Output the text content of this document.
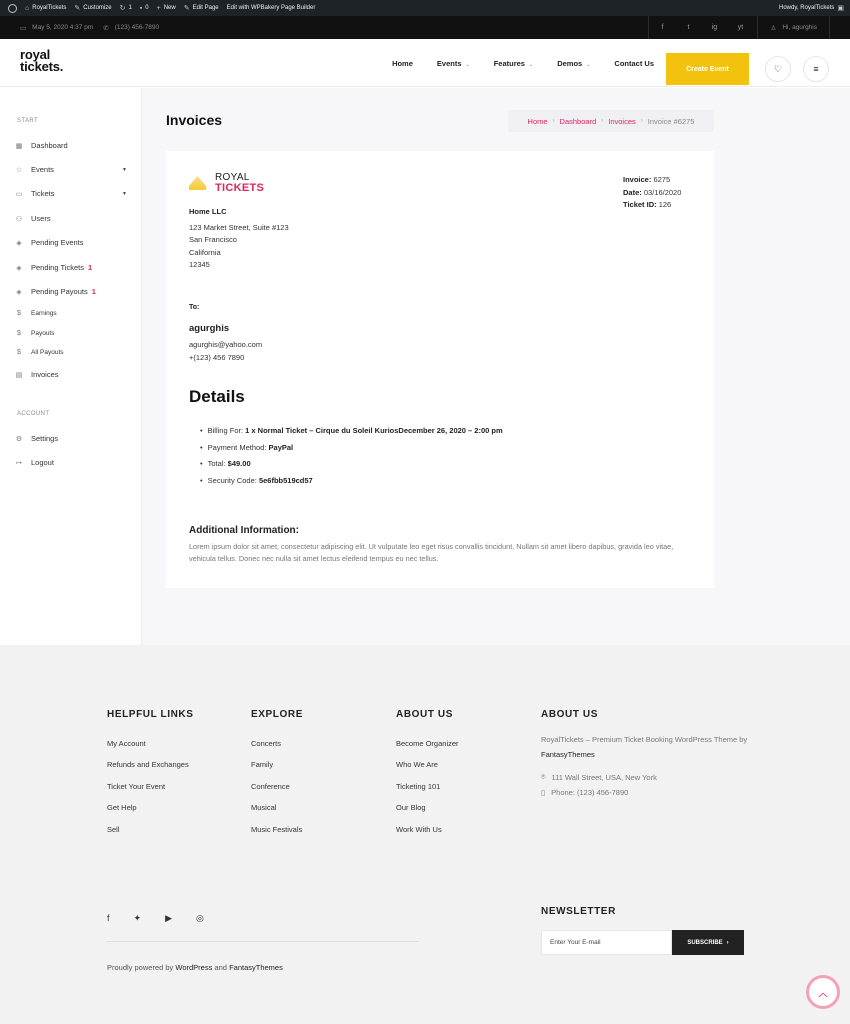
⌂ RoyalTickets ✎ Customize ↻ 1 ▪ 0 + New ✎ Edit Page Edit with WPBakery Page Builder	Howdy, RoyalTickets ▣
▭ May 5, 2020 4:37 pm ✆ (123) 456-7890	f	t	ig	yt	♙ Hi, agurghis
royal
tickets.	Home	Events ⌄	Features ⌄	Demos ⌄	Contact Us
Create Event	♡	≡
START
▦ Dashboard
☆ Events	▼
▭ Tickets	▼
⚇ Users
◈ Pending Events
◈ Pending Tickets 1
◈ Pending Payouts 1
$	Earnings
$	Payouts
$	All Payouts
▤ Invoices
ACCOUNT
⚙ Settings
↦ Logout
Invoices	Home › Dashboard › Invoices › Invoice #6275
ROYAL
TICKETS
Home LLC
123 Market Street, Suite #123
San Francisco
California
12345
Invoice: 6275
Date: 03/16/2020
Ticket ID: 126
To:
agurghis
agurghis@yahoo.com
+(123) 456 7890
Details
• Billing For: 1 x Normal Ticket – Cirque du Soleil KuriosDecember 26, 2020 – 2:00 pm
• Payment Method: PayPal
• Total: $49.00
• Security Code: 5e6fbb519cd57
Additional Information:

Lorem ipsum dolor sit amet, consectetur adipiscing elit. Ut vulputate leo eget risus convallis tincidunt. Nullam sit amet libero dapibus, gravida leo vitae, vehicula tellus. Donec nec nulla sit amet lectus eleifend tempus eu nec tellus.

HELPFUL LINKS
My Account
Refunds and Exchanges
Ticket Your Event
Get Help
Sell
EXPLORE
Concerts
Family
Conference
Musical
Music Festivals
ABOUT US
Become Organizer
Who We Are
Ticketing 101
Our Blog
Work With Us
ABOUT US
RoyalTickets – Premium Ticket Booking WordPress Theme by FantasyThemes
⌾ 111 Wall Street, USA, New York
▯ Phone: (123) 456-7890
f	✦	▶	◎
Proudly powered by WordPress and FantasyThemes
NEWSLETTER
Enter Your E-mail
SUBSCRIBE ›
︿
